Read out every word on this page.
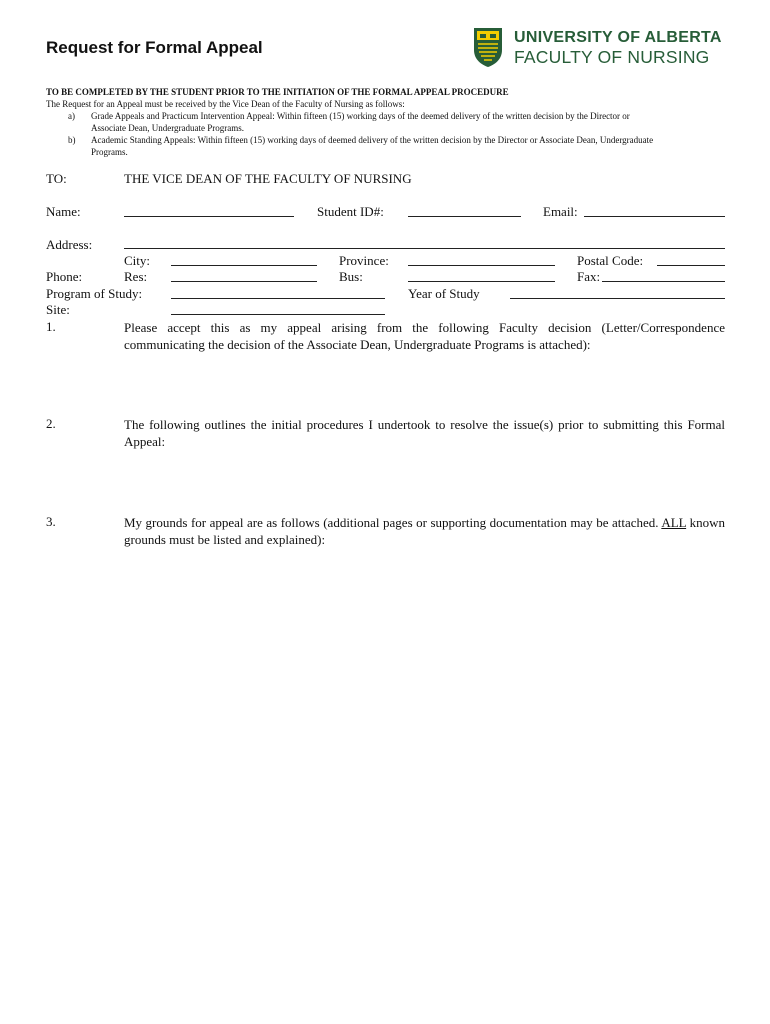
Request for Formal Appeal
UNIVERSITY OF ALBERTA
FACULTY OF NURSING
TO BE COMPLETED BY THE STUDENT PRIOR TO THE INITIATION OF THE FORMAL APPEAL PROCEDURE
The Request for an Appeal must be received by the Vice Dean of the Faculty of Nursing as follows:
a) Grade Appeals and Practicum Intervention Appeal: Within fifteen (15) working days of the deemed delivery of the written decision by the Director or
Associate Dean, Undergraduate Programs.
b) Academic Standing Appeals: Within fifteen (15) working days of deemed delivery of the written decision by the Director or Associate Dean, Undergraduate
Programs.
TO:	THE VICE DEAN OF THE FACULTY OF NURSING
Name:	Student ID#:	Email:
Address:
City:	Province:	Postal Code:
Phone:	Res:	Bus:	Fax:
Program of Study:	Year of Study
Site:
1.	Please accept this as my appeal arising from the following Faculty decision (Letter/Correspondence communicating the decision of the Associate Dean, Undergraduate Programs is attached):
2.	The following outlines the initial procedures I undertook to resolve the issue(s) prior to submitting this Formal Appeal:
3.	My grounds for appeal are as follows (additional pages or supporting documentation may be attached. ALL known grounds must be listed and explained):
